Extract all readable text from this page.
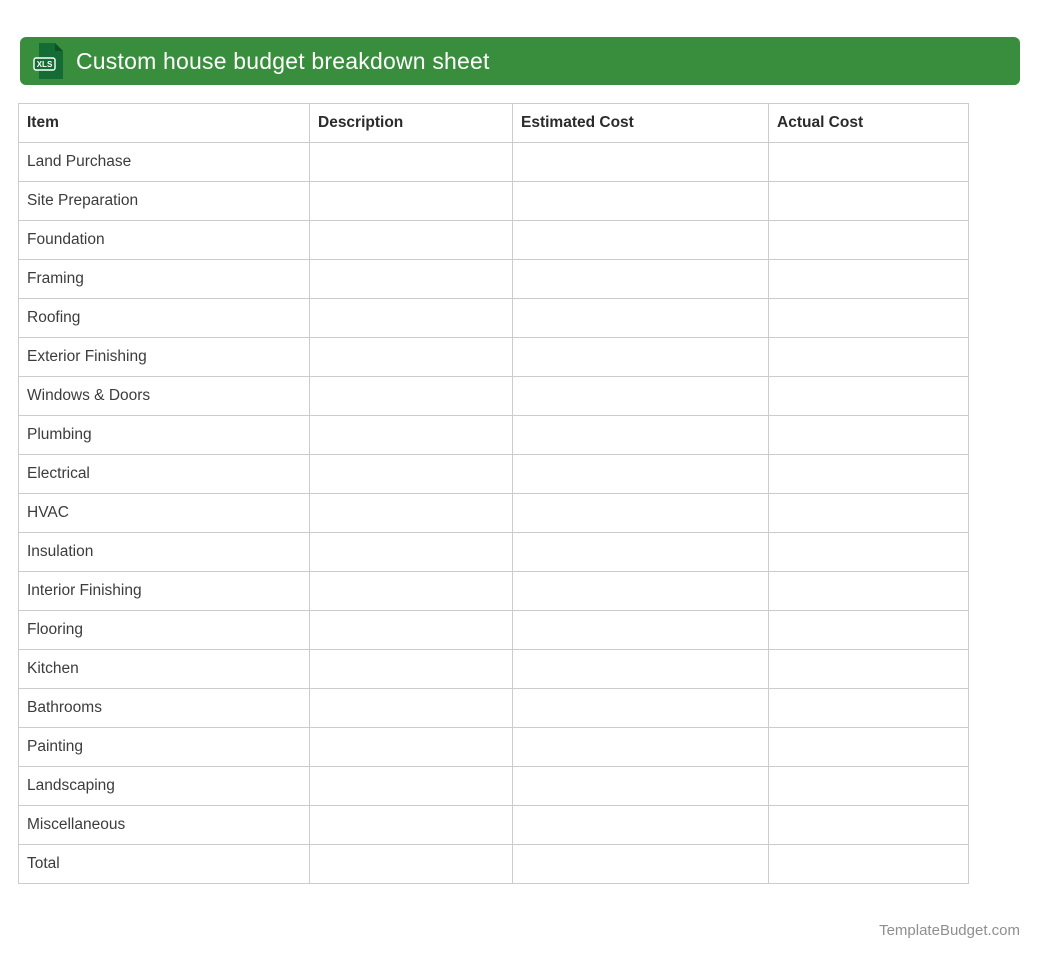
XLS Custom house budget breakdown sheet
Item	Description	Estimated Cost	Actual Cost
Land Purchase			
Site Preparation			
Foundation			
Framing			
Roofing			
Exterior Finishing			
Windows & Doors			
Plumbing			
Electrical			
HVAC			
Insulation			
Interior Finishing			
Flooring			
Kitchen			
Bathrooms			
Painting			
Landscaping			
Miscellaneous			
Total			
TemplateBudget.com
